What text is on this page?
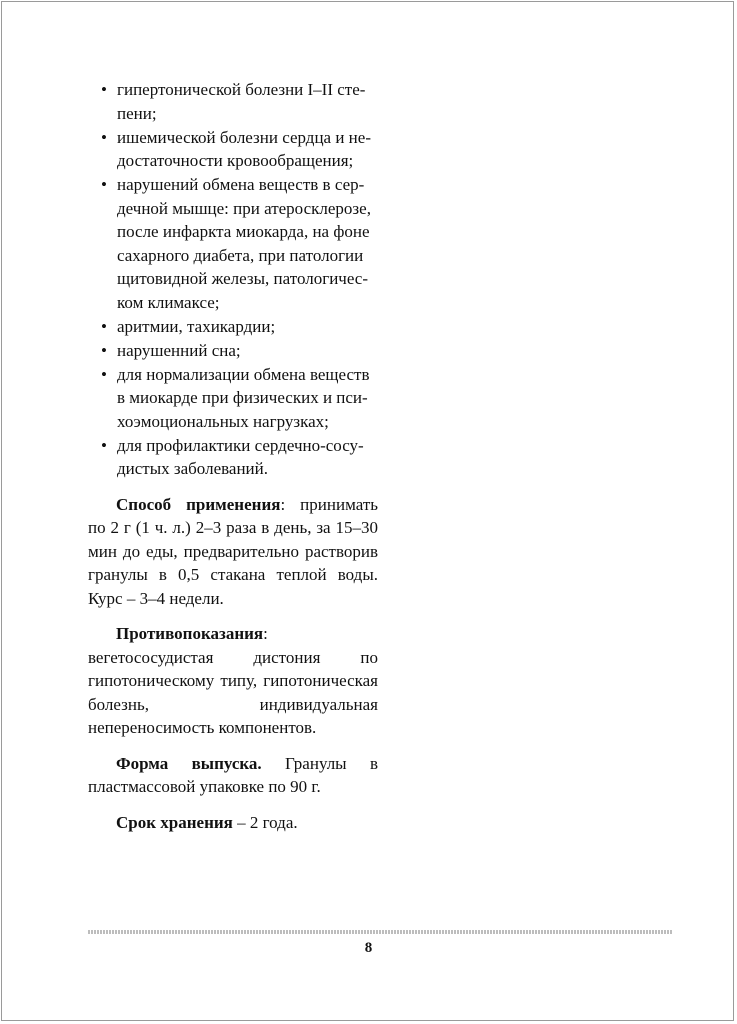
• гипертонической болезни I–II сте-
пени;
• ишемической болезни сердца и не-
достаточности кровообращения;
• нарушений обмена веществ в сер-
дечной мышце: при атеросклерозе,
после инфаркта миокарда, на фоне
сахарного диабета, при патологии
щитовидной железы, патологичес-
ком климаксе;
• аритмии, тахикардии;
• нарушенний сна;
• для нормализации обмена веществ
в миокарде при физических и пси-
хоэмоциональных нагрузках;
• для профилактики сердечно-сосу-
дистых заболеваний.

Способ применения: принимать по 2 г (1 ч. л.) 2–3 раза в день, за 15–30 мин до еды, предварительно растворив гранулы в 0,5 стакана теплой воды. Курс – 3–4 недели.

Противопоказания: вегетососудистая дистония по гипотоническому типу, гипотоническая болезнь, индивидуальная непереносимость компонентов.

Форма выпуска. Гранулы в пластмассовой упаковке по 90 г.

Срок хранения – 2 года.

8
